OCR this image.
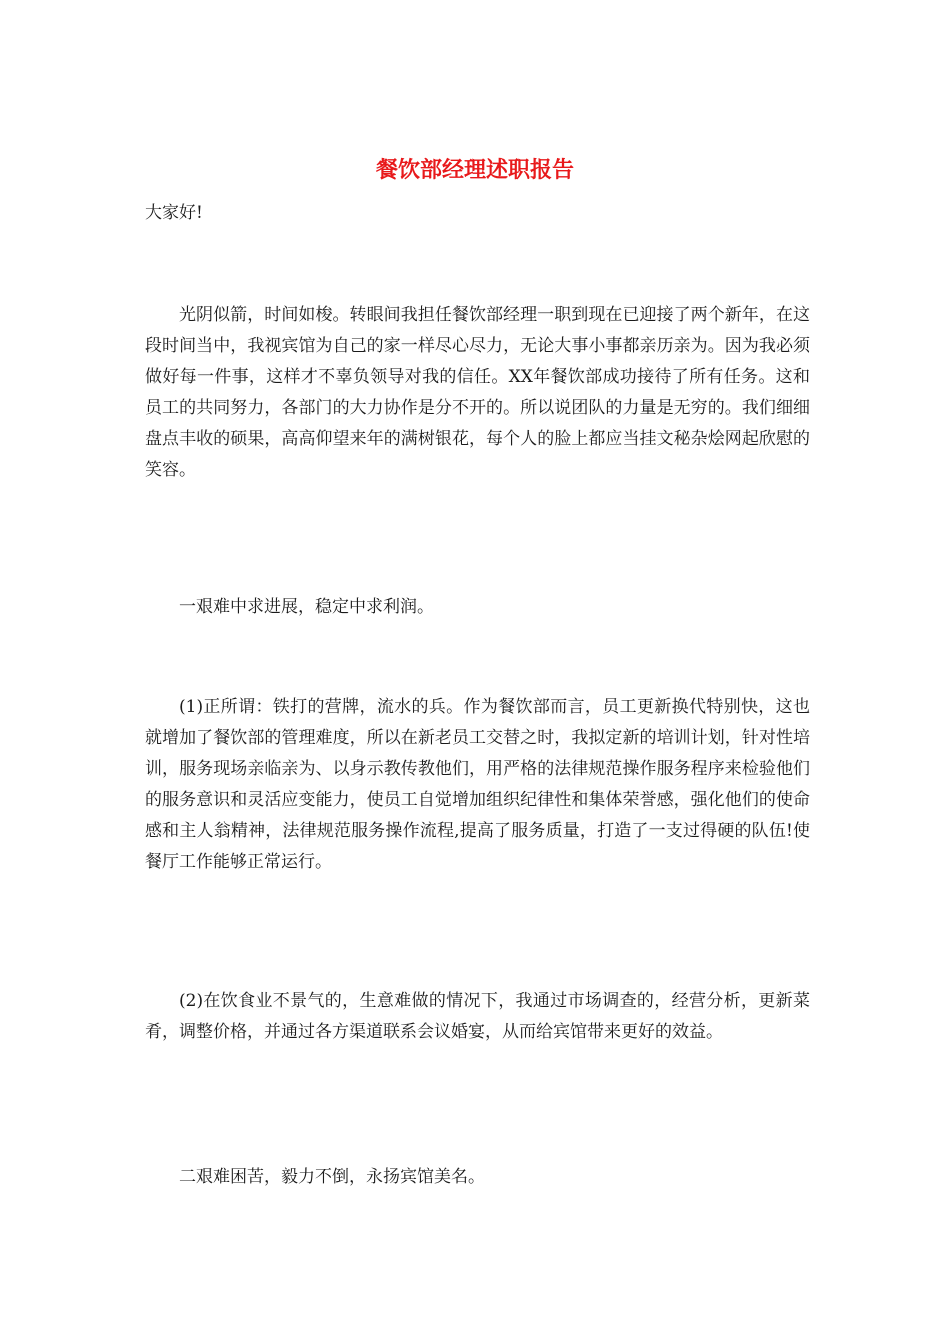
餐饮部经理述职报告

大家好!

光阴似箭，时间如梭。转眼间我担任餐饮部经理一职到现在已迎接了两个新年，在这段时间当中，我视宾馆为自己的家一样尽心尽力，无论大事小事都亲历亲为。因为我必须做好每一件事，这样才不辜负领导对我的信任。XX年餐饮部成功接待了所有任务。这和员工的共同努力，各部门的大力协作是分不开的。所以说团队的力量是无穷的。我们细细盘点丰收的硕果，高高仰望来年的满树银花，每个人的脸上都应当挂文秘杂烩网起欣慰的笑容。

一艰难中求进展，稳定中求利润。

(1)正所谓：铁打的营牌，流水的兵。作为餐饮部而言，员工更新换代特别快，这也就增加了餐饮部的管理难度，所以在新老员工交替之时，我拟定新的培训计划，针对性培训，服务现场亲临亲为、以身示教传教他们，用严格的法律规范操作服务程序来检验他们的服务意识和灵活应变能力，使员工自觉增加组织纪律性和集体荣誉感，强化他们的使命感和主人翁精神，法律规范服务操作流程,提高了服务质量，打造了一支过得硬的队伍!使餐厅工作能够正常运行。

(2)在饮食业不景气的，生意难做的情况下，我通过市场调查的，经营分析，更新菜肴，调整价格，并通过各方渠道联系会议婚宴，从而给宾馆带来更好的效益。

二艰难困苦，毅力不倒，永扬宾馆美名。
